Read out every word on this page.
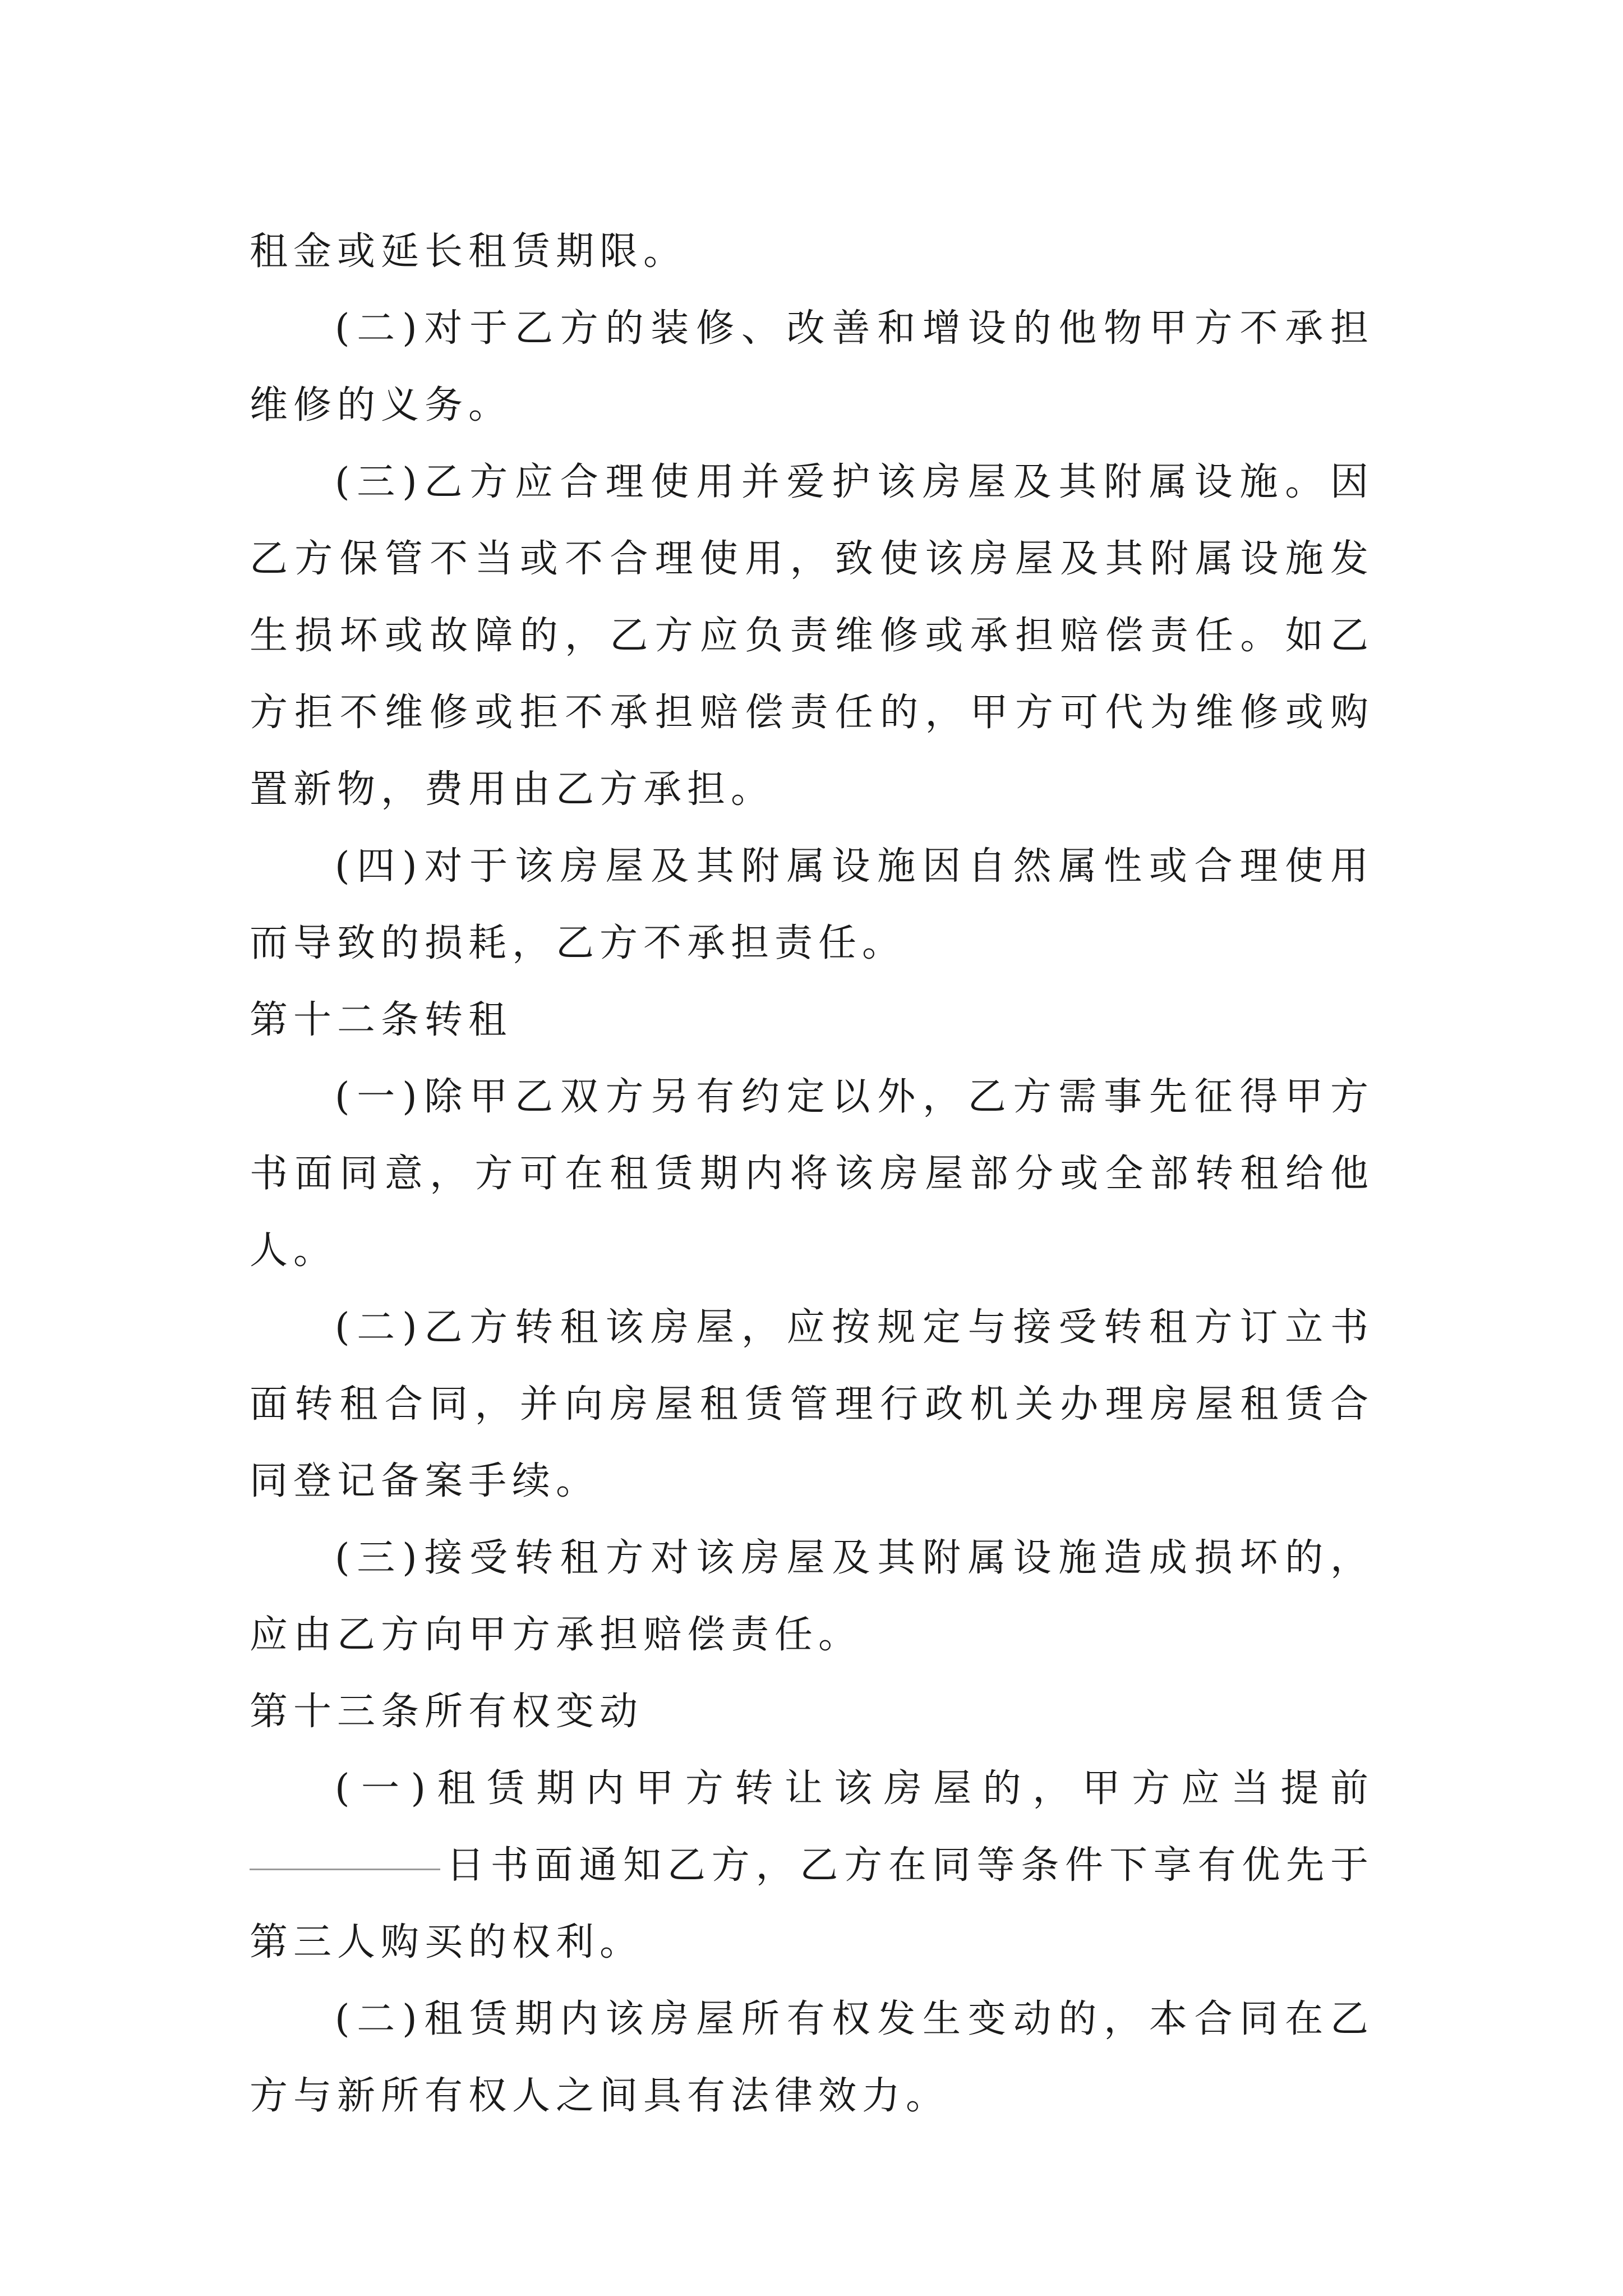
租金或延长租赁期限。

(二)对于乙方的装修、改善和增设的他物甲方不承担维修的义务。

(三)乙方应合理使用并爱护该房屋及其附属设施。因乙方保管不当或不合理使用，致使该房屋及其附属设施发生损坏或故障的，乙方应负责维修或承担赔偿责任。如乙方拒不维修或拒不承担赔偿责任的，甲方可代为维修或购置新物，费用由乙方承担。

(四)对于该房屋及其附属设施因自然属性或合理使用而导致的损耗，乙方不承担责任。

第十二条转租

(一)除甲乙双方另有约定以外，乙方需事先征得甲方书面同意，方可在租赁期内将该房屋部分或全部转租给他人。

(二)乙方转租该房屋，应按规定与接受转租方订立书面转租合同，并向房屋租赁管理行政机关办理房屋租赁合同登记备案手续。

(三)接受转租方对该房屋及其附属设施造成损坏的，应由乙方向甲方承担赔偿责任。

第十三条所有权变动

(一)租赁期内甲方转让该房屋的，甲方应当提前日书面通知乙方，乙方在同等条件下享有优先于第三人购买的权利。

(二)租赁期内该房屋所有权发生变动的，本合同在乙方与新所有权人之间具有法律效力。
